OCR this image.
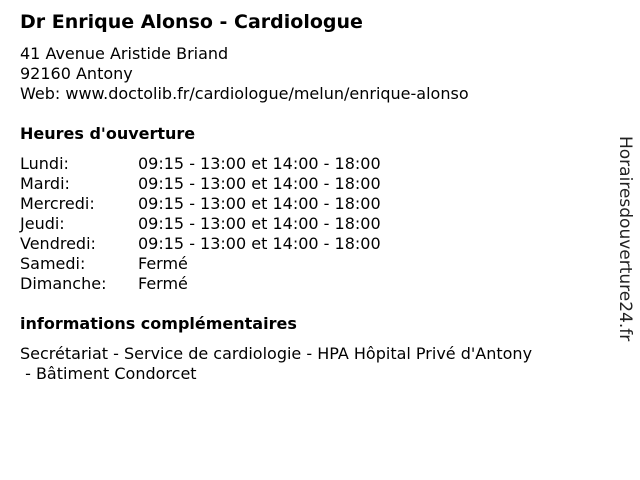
Dr Enrique Alonso - Cardiologue
41 Avenue Aristide Briand
92160 Antony
Web: www.doctolib.fr/cardiologue/melun/enrique-alonso
Heures d'ouverture
Lundi:	09:15 - 13:00 et 14:00 - 18:00
Mardi:	09:15 - 13:00 et 14:00 - 18:00
Mercredi:	09:15 - 13:00 et 14:00 - 18:00
Jeudi:	09:15 - 13:00 et 14:00 - 18:00
Vendredi:	09:15 - 13:00 et 14:00 - 18:00
Samedi:	Fermé
Dimanche:	Fermé
informations complémentaires
Secrétariat - Service de cardiologie - HPA Hôpital Privé d'Antony
- Bâtiment Condorcet
Horairesdouverture24.fr
